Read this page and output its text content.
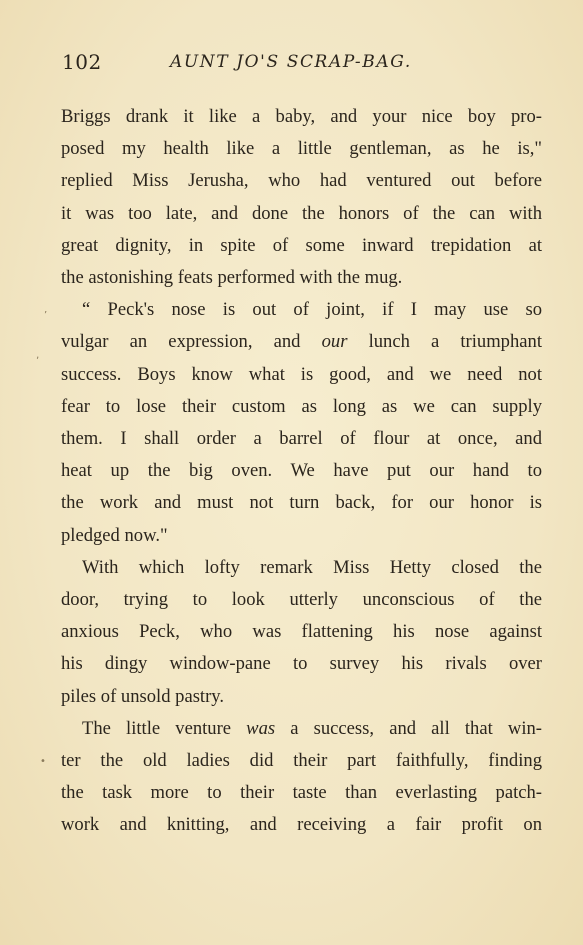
102	AUNT JO'S SCRAP-BAG.

Briggs drank it like a baby, and your nice boy pro-

posed my health like a little gentleman, as he is,"

replied Miss Jerusha, who had ventured out before

it was too late, and done the honors of the can with

great dignity, in spite of some inward trepidation at

the astonishing feats performed with the mug.

“ Peck's nose is out of joint, if I may use so

vulgar an expression, and our lunch a triumphant

success. Boys know what is good, and we need not

fear to lose their custom as long as we can supply

them. I shall order a barrel of flour at once, and

heat up the big oven. We have put our hand to

the work and must not turn back, for our honor is

pledged now."

With which lofty remark Miss Hetty closed the

door, trying to look utterly unconscious of the

anxious Peck, who was flattening his nose against

his dingy window-pane to survey his rivals over

piles of unsold pastry.

The little venture was a success, and all that win-

ter the old ladies did their part faithfully, finding

the task more to their taste than everlasting patch-

work and knitting, and receiving a fair profit on

’
‚
•
